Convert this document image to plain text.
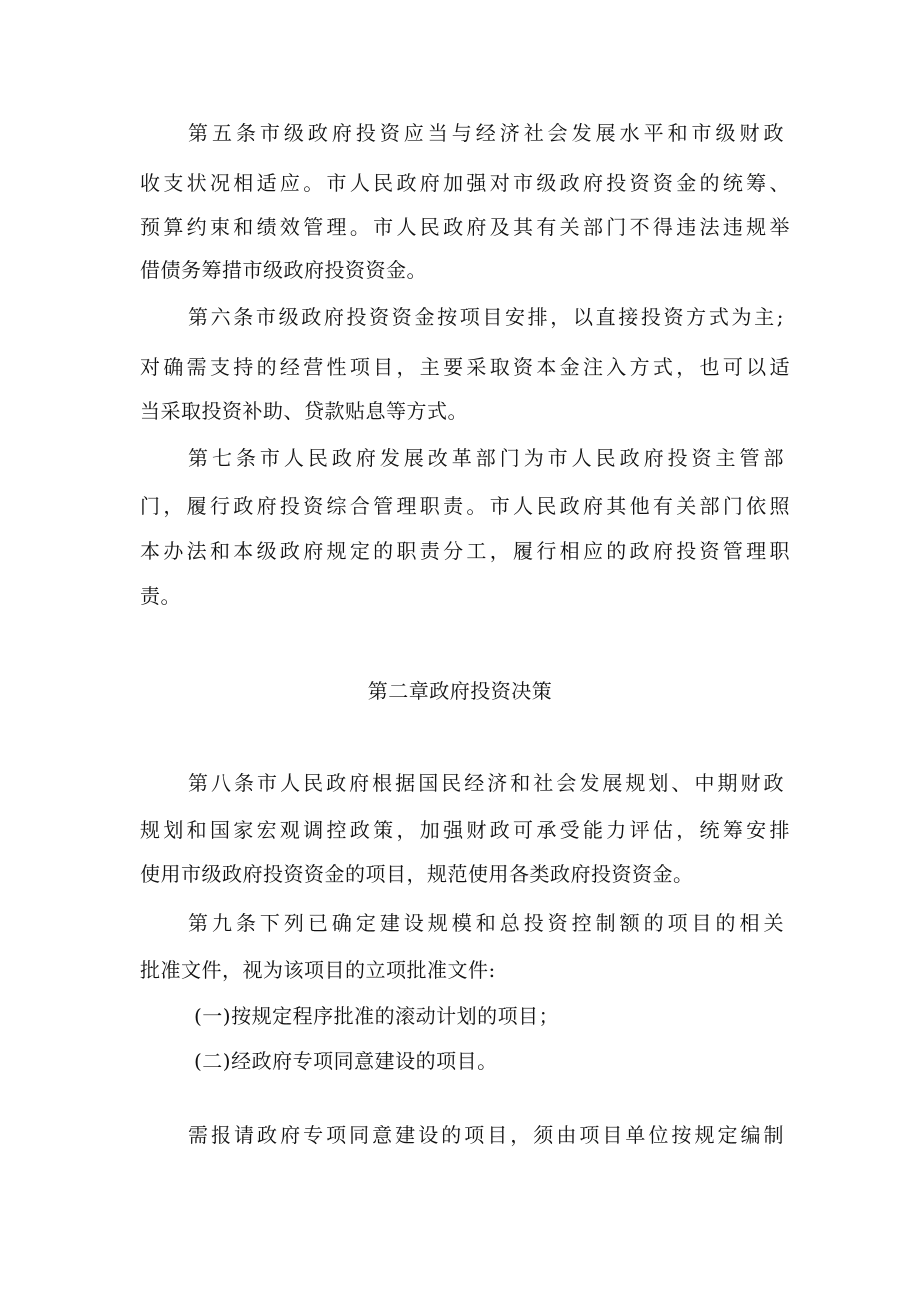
第五条市级政府投资应当与经济社会发展水平和市级财政
收支状况相适应。市人民政府加强对市级政府投资资金的统筹、
预算约束和绩效管理。市人民政府及其有关部门不得违法违规举
借债务筹措市级政府投资资金。
第六条市级政府投资资金按项目安排，以直接投资方式为主;
对确需支持的经营性项目，主要采取资本金注入方式，也可以适
当采取投资补助、贷款贴息等方式。
第七条市人民政府发展改革部门为市人民政府投资主管部
门，履行政府投资综合管理职责。市人民政府其他有关部门依照
本办法和本级政府规定的职责分工，履行相应的政府投资管理职
责。
第二章政府投资决策
第八条市人民政府根据国民经济和社会发展规划、中期财政
规划和国家宏观调控政策，加强财政可承受能力评估，统筹安排
使用市级政府投资资金的项目，规范使用各类政府投资资金。
第九条下列已确定建设规模和总投资控制额的项目的相关
批准文件，视为该项目的立项批准文件:
(一)按规定程序批准的滚动计划的项目；
(二)经政府专项同意建设的项目。
需报请政府专项同意建设的项目，须由项目单位按规定编制
